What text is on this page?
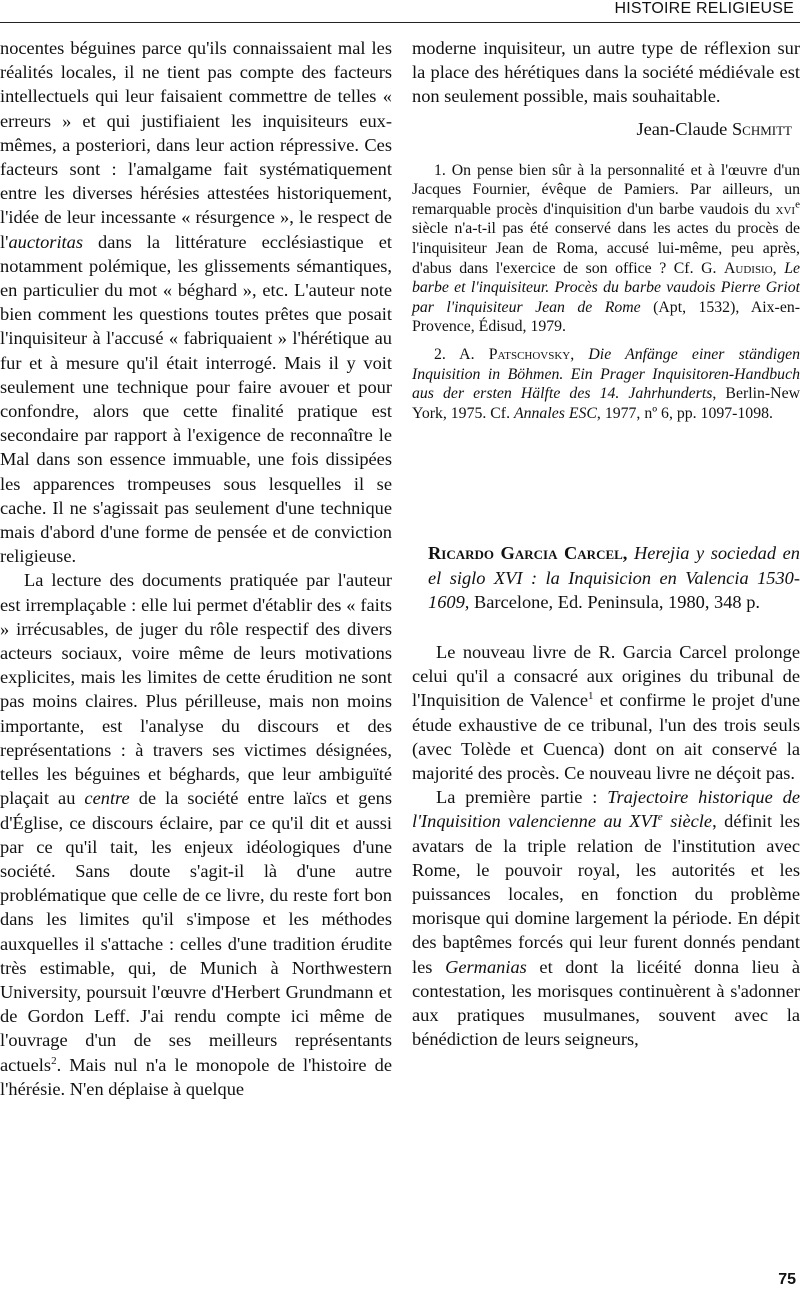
HISTOIRE RELIGIEUSE

nocentes béguines parce qu'ils connaissaient mal les réalités locales, il ne tient pas compte des facteurs intellectuels qui leur faisaient commettre de telles « erreurs » et qui justifiaient les inquisiteurs eux-mêmes, a posteriori, dans leur action répressive. Ces facteurs sont : l'amalgame fait systématiquement entre les diverses hérésies attestées historiquement, l'idée de leur incessante « résurgence », le respect de l'auctoritas dans la littérature ecclésiastique et notamment polémique, les glissements sémantiques, en particulier du mot « béghard », etc. L'auteur note bien comment les questions toutes prêtes que posait l'inquisiteur à l'accusé « fabriquaient » l'hérétique au fur et à mesure qu'il était interrogé. Mais il y voit seulement une technique pour faire avouer et pour confondre, alors que cette finalité pratique est secondaire par rapport à l'exigence de reconnaître le Mal dans son essence immuable, une fois dissipées les apparences trompeuses sous lesquelles il se cache. Il ne s'agissait pas seulement d'une technique mais d'abord d'une forme de pensée et de conviction religieuse.

La lecture des documents pratiquée par l'auteur est irremplaçable : elle lui permet d'établir des « faits » irrécusables, de juger du rôle respectif des divers acteurs sociaux, voire même de leurs motivations explicites, mais les limites de cette érudition ne sont pas moins claires. Plus périlleuse, mais non moins importante, est l'analyse du discours et des représentations : à travers ses victimes désignées, telles les béguines et béghards, que leur ambiguïté plaçait au centre de la société entre laïcs et gens d'Église, ce discours éclaire, par ce qu'il dit et aussi par ce qu'il tait, les enjeux idéologiques d'une société. Sans doute s'agit-il là d'une autre problématique que celle de ce livre, du reste fort bon dans les limites qu'il s'impose et les méthodes auxquelles il s'attache : celles d'une tradition érudite très estimable, qui, de Munich à Northwestern University, poursuit l'œuvre d'Herbert Grundmann et de Gordon Leff. J'ai rendu compte ici même de l'ouvrage d'un de ses meilleurs représentants actuels$^2$. Mais nul n'a le monopole de l'histoire de l'hérésie. N'en déplaise à quelque

moderne inquisiteur, un autre type de réflexion sur la place des hérétiques dans la société médiévale est non seulement possible, mais souhaitable.

Jean-Claude Schmitt

1. On pense bien sûr à la personnalité et à l'œuvre d'un Jacques Fournier, évêque de Pamiers. Par ailleurs, un remarquable procès d'inquisition d'un barbe vaudois du xvi$^e$ siècle n'a-t-il pas été conservé dans les actes du procès de l'inquisiteur Jean de Roma, accusé lui-même, peu après, d'abus dans l'exercice de son office ? Cf. G. Audisio, Le barbe et l'inquisiteur. Procès du barbe vaudois Pierre Griot par l'inquisiteur Jean de Rome (Apt, 1532), Aix-en-Provence, Édisud, 1979.

2. A. Patschovsky, Die Anfänge einer ständigen Inquisition in Böhmen. Ein Prager Inquisitoren-Handbuch aus der ersten Hälfte des 14. Jahrhunderts, Berlin-New York, 1975. Cf. Annales ESC, 1977, nº 6, pp. 1097-1098.

Ricardo Garcia Carcel, Herejia y sociedad en el siglo XVI : la Inquisicion en Valencia 1530-1609, Barcelone, Ed. Peninsula, 1980, 348 p.

Le nouveau livre de R. Garcia Carcel prolonge celui qu'il a consacré aux origines du tribunal de l'Inquisition de Valence$^1$ et confirme le projet d'une étude exhaustive de ce tribunal, l'un des trois seuls (avec Tolède et Cuenca) dont on ait conservé la majorité des procès. Ce nouveau livre ne déçoit pas.

La première partie : Trajectoire historique de l'Inquisition valencienne au XVIe siècle, définit les avatars de la triple relation de l'institution avec Rome, le pouvoir royal, les autorités et les puissances locales, en fonction du problème morisque qui domine largement la période. En dépit des baptêmes forcés qui leur furent donnés pendant les Germanias et dont la licéité donna lieu à contestation, les morisques continuèrent à s'adonner aux pratiques musulmanes, souvent avec la bénédiction de leurs seigneurs,

75
